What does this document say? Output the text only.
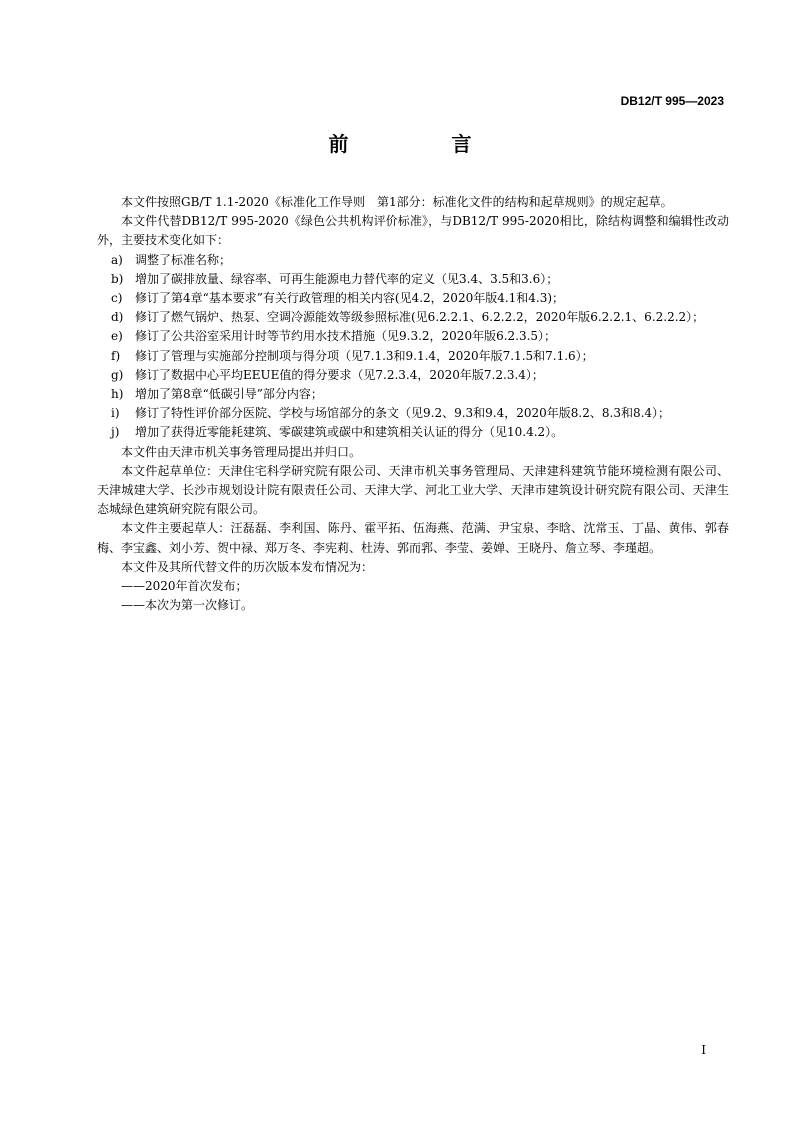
DB12/T 995—2023
前 言

本文件按照GB/T 1.1-2020《标准化工作导则　第1部分：标准化文件的结构和起草规则》的规定起草。

本文件代替DB12/T 995-2020《绿色公共机构评价标准》，与DB12/T 995-2020相比，除结构调整和编辑性改动外，主要技术变化如下：

a)	调整了标准名称；
b) 增加了碳排放量、绿容率、可再生能源电力替代率的定义（见3.4、3.5和3.6）；
c)	修订了第4章“基本要求”有关行政管理的相关内容(见4.2，2020年版4.1和4.3)；
d) 修订了燃气锅炉、热泵、空调冷源能效等级参照标准(见6.2.2.1、6.2.2.2，2020年版6.2.2.1、6.2.2.2）；
e)	修订了公共浴室采用计时等节约用水技术措施（见9.3.2，2020年版6.2.3.5）；
f)	修订了管理与实施部分控制项与得分项（见7.1.3和9.1.4，2020年版7.1.5和7.1.6）；
g) 修订了数据中心平均EEUE值的得分要求（见7.2.3.4，2020年版7.2.3.4）；
h) 增加了第8章“低碳引导”部分内容；
i)	修订了特性评价部分医院、学校与场馆部分的条文（见9.2、9.3和9.4，2020年版8.2、8.3和8.4）；
j)	增加了获得近零能耗建筑、零碳建筑或碳中和建筑相关认证的得分（见10.4.2）。

本文件由天津市机关事务管理局提出并归口。

本文件起草单位：天津住宅科学研究院有限公司、天津市机关事务管理局、天津建科建筑节能环境检测有限公司、天津城建大学、长沙市规划设计院有限责任公司、天津大学、河北工业大学、天津市建筑设计研究院有限公司、天津生态城绿色建筑研究院有限公司。

本文件主要起草人：汪磊磊、李利国、陈丹、霍平拓、伍海燕、范满、尹宝泉、李晗、沈常玉、丁晶、黄伟、郭春梅、李宝鑫、刘小芳、贺中禄、郑万冬、李宪莉、杜涛、郭而郛、李莹、姜婵、王晓丹、詹立琴、李瑾超。

本文件及其所代替文件的历次版本发布情况为：

——2020年首次发布；

——本次为第一次修订。

I
